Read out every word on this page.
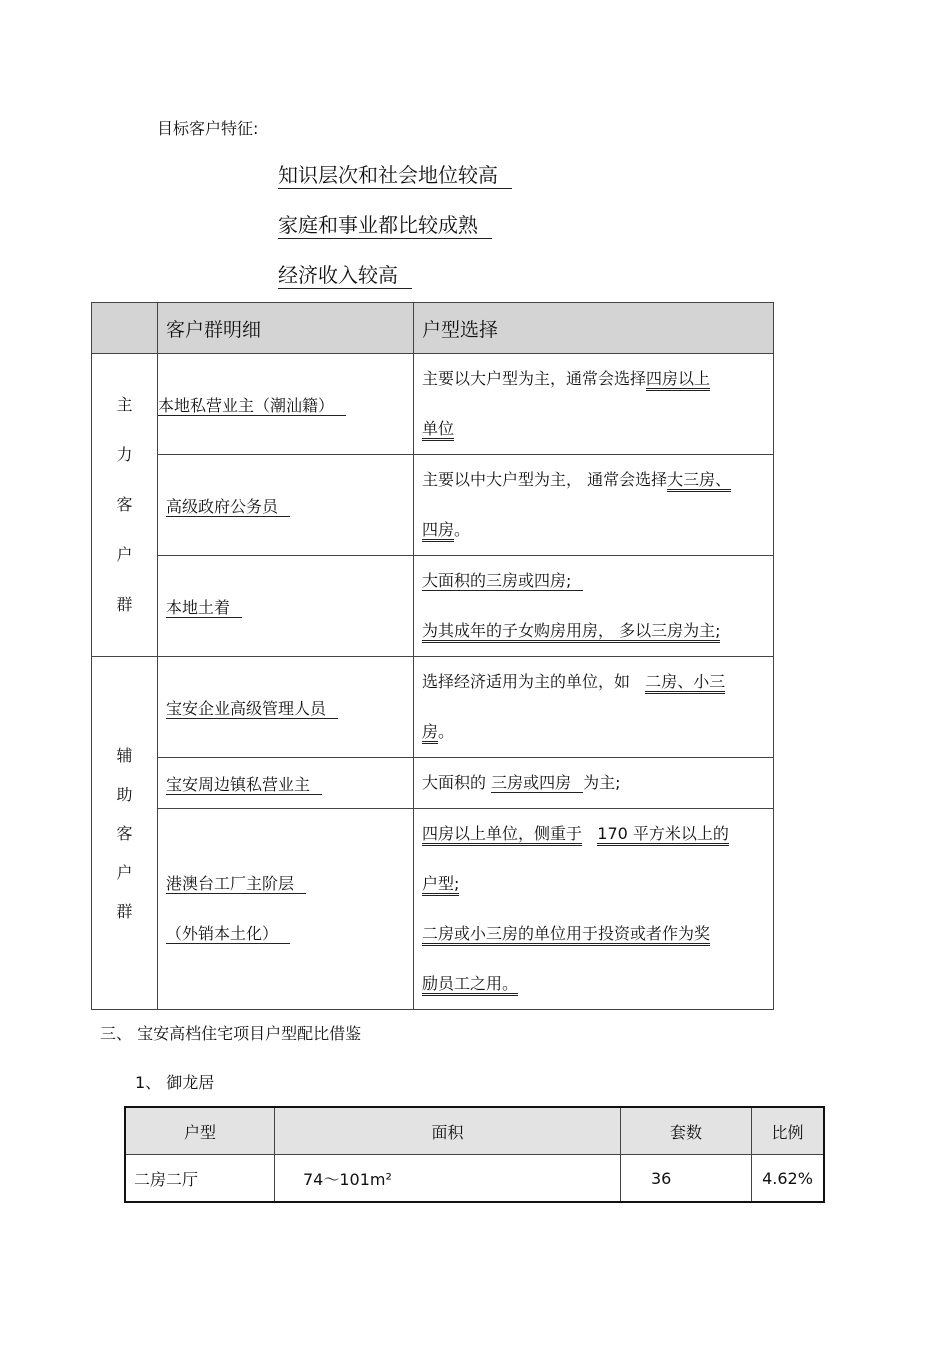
目标客户特征:
知识层次和社会地位较高
家庭和事业都比较成熟
经济收入较高
	客户群明细	户型选择

主力客户群	本地私营业主（潮汕籍）	主要以大户型为主，通常会选择四房以上
单位
	高级政府公务员	主要以中大户型为主， 通常会选择大三房、
四房。
	本地土着	大面积的三房或四房;
为其成年的子女购房用房， 多以三房为主;

辅助客户群	宝安企业高级管理人员	选择经济适用为主的单位，如 二房、小三
房。
	宝安周边镇私营业主	大面积的 三房或四房 为主;
	港澳台工厂主阶层
（外销本土化）	四房以上单位，侧重于 170 平方米以上的
户型;
二房或小三房的单位用于投资或者作为奖
励员工之用。
三、 宝安高档住宅项目户型配比借鉴
1、 御龙居
户型	面积	套数	比例
二房二厅	74～101m²	36	4.62%
